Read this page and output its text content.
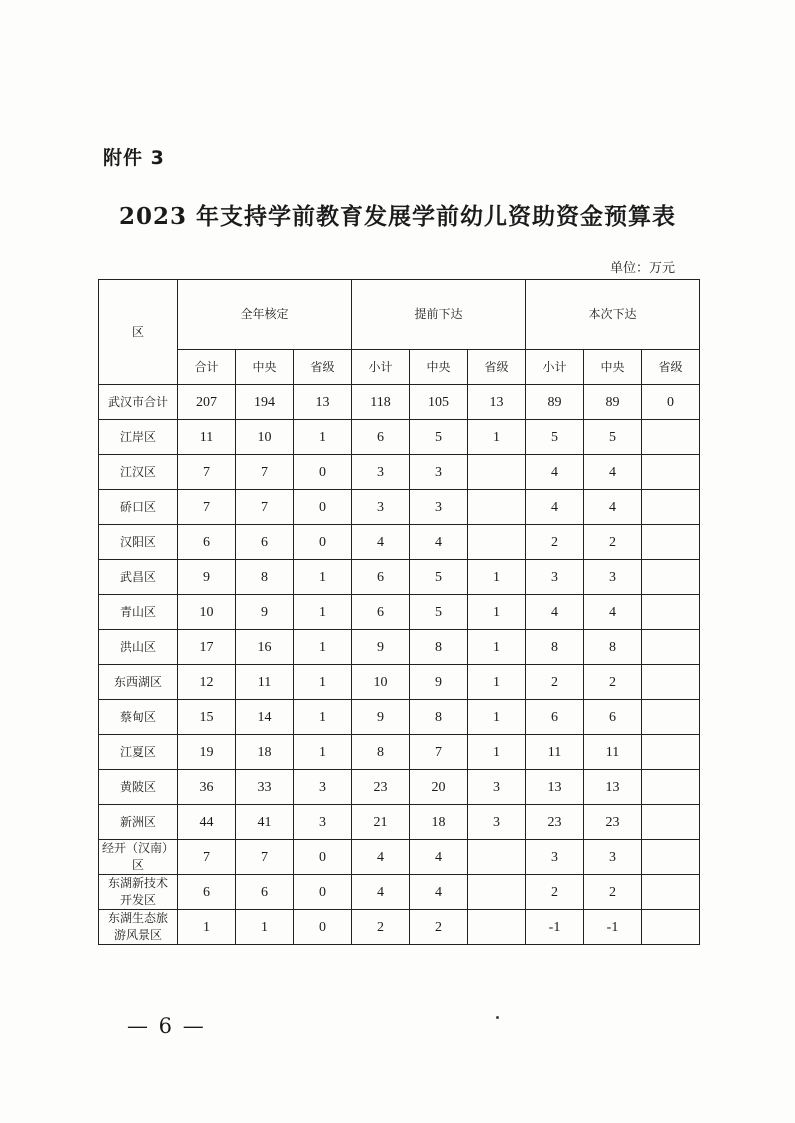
附件 3
2023 年支持学前教育发展学前幼儿资助资金预算表
单位：万元
区	全年核定			提前下达			本次下达		
	合计	中央	省级	小计	中央	省级	小计	中央	省级
武汉市合计	207	194	13	118	105	13	89	89	0
江岸区	11	10	1	6	5	1	5	5	
江汉区	7	7	0	3	3		4	4	
硚口区	7	7	0	3	3		4	4	
汉阳区	6	6	0	4	4		2	2	
武昌区	9	8	1	6	5	1	3	3	
青山区	10	9	1	6	5	1	4	4	
洪山区	17	16	1	9	8	1	8	8	
东西湖区	12	11	1	10	9	1	2	2	
蔡甸区	15	14	1	9	8	1	6	6	
江夏区	19	18	1	8	7	1	11	11	
黄陂区	36	33	3	23	20	3	13	13	
新洲区	44	41	3	21	18	3	23	23	
经开（汉南）
区	7	7	0	4	4		3	3	
东湖新技术
开发区	6	6	0	4	4		2	2	
东湖生态旅
游风景区	1	1	0	2	2		-1	-1	
— 6 —
